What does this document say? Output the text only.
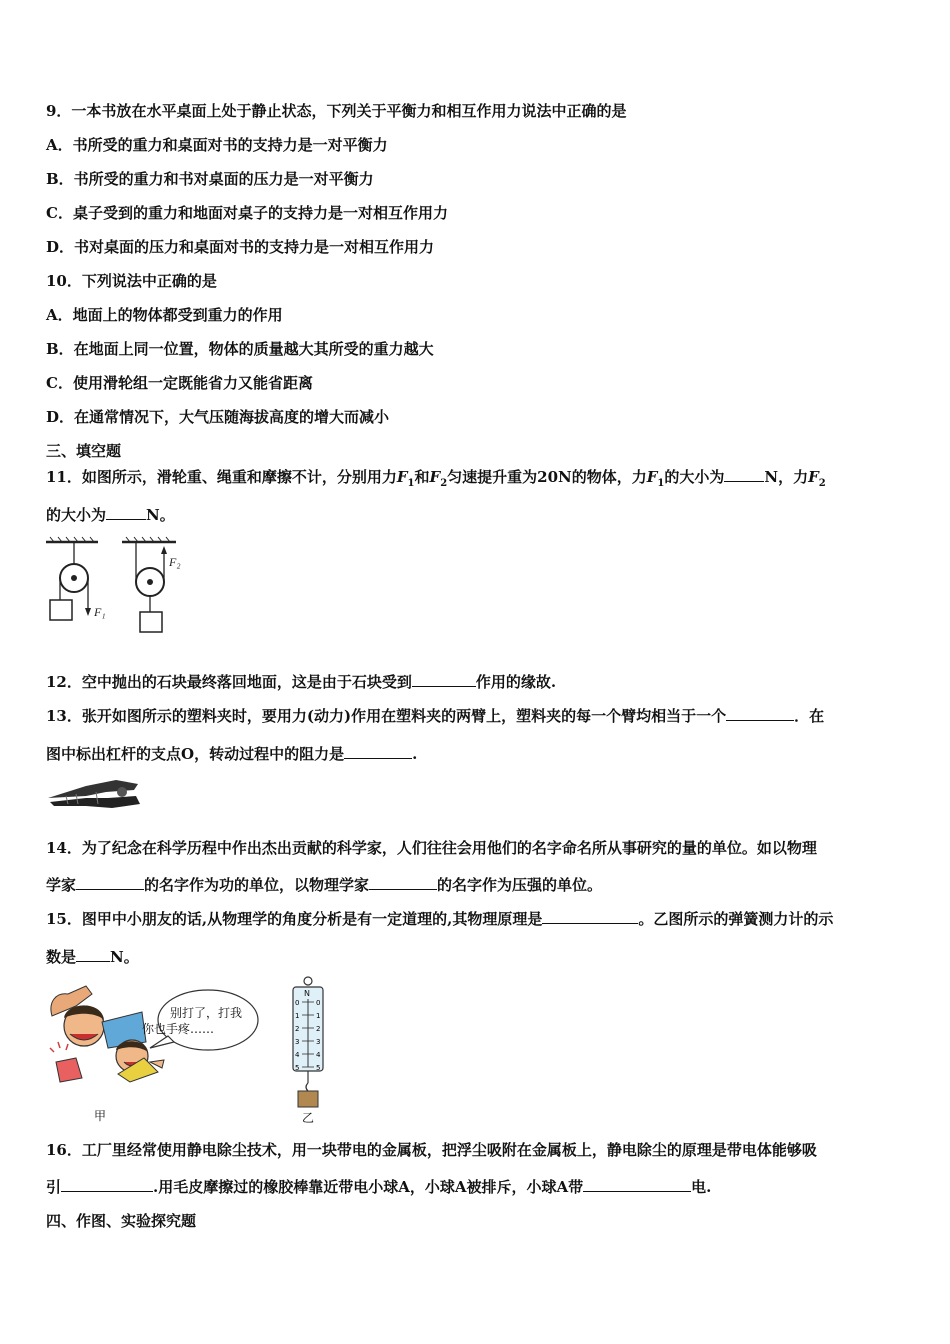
9．一本书放在水平桌面上处于静止状态，下列关于平衡力和相互作用力说法中正确的是
A．书所受的重力和桌面对书的支持力是一对平衡力
B．书所受的重力和书对桌面的压力是一对平衡力
C．桌子受到的重力和地面对桌子的支持力是一对相互作用力
D．书对桌面的压力和桌面对书的支持力是一对相互作用力
10．下列说法中正确的是
A．地面上的物体都受到重力的作用
B．在地面上同一位置，物体的质量越大其所受的重力越大
C．使用滑轮组一定既能省力又能省距离
D．在通常情况下，大气压随海拔高度的增大而减小
三、填空题
11．如图所示，滑轮重、绳重和摩擦不计，分别用力$F_1$和$F_2$匀速提升重为20N的物体，力$F_1$的大小为	N，力$F_2$
的大小为	N。
F₁
F₂
12．空中抛出的石块最终落回地面，这是由于石块受到	作用的缘故.
13．张开如图所示的塑料夹时，要用力(动力)作用在塑料夹的两臂上，塑料夹的每一个臂均相当于一个	．在
图中标出杠杆的支点O，转动过程中的阻力是	.
14．为了纪念在科学历程中作出杰出贡献的科学家，人们往往会用他们的名字命名所从事研究的量的单位。如以物理
学家	的名字作为功的单位，以物理学家	的名字作为压强的单位。
15．图甲中小朋友的话,从物理学的角度分析是有一定道理的,其物理原理是	。乙图所示的弹簧测力计的示
数是 N。
别打了，打我
你也手疼……
甲
N
0 0
1 1
2 2
3 3
4 4
5 5
乙
16．工厂里经常使用静电除尘技术，用一块带电的金属板，把浮尘吸附在金属板上，静电除尘的原理是带电体能够吸
引	.用毛皮摩擦过的橡胶棒靠近带电小球A，小球A被排斥，小球A带	电.
四、作图、实验探究题
